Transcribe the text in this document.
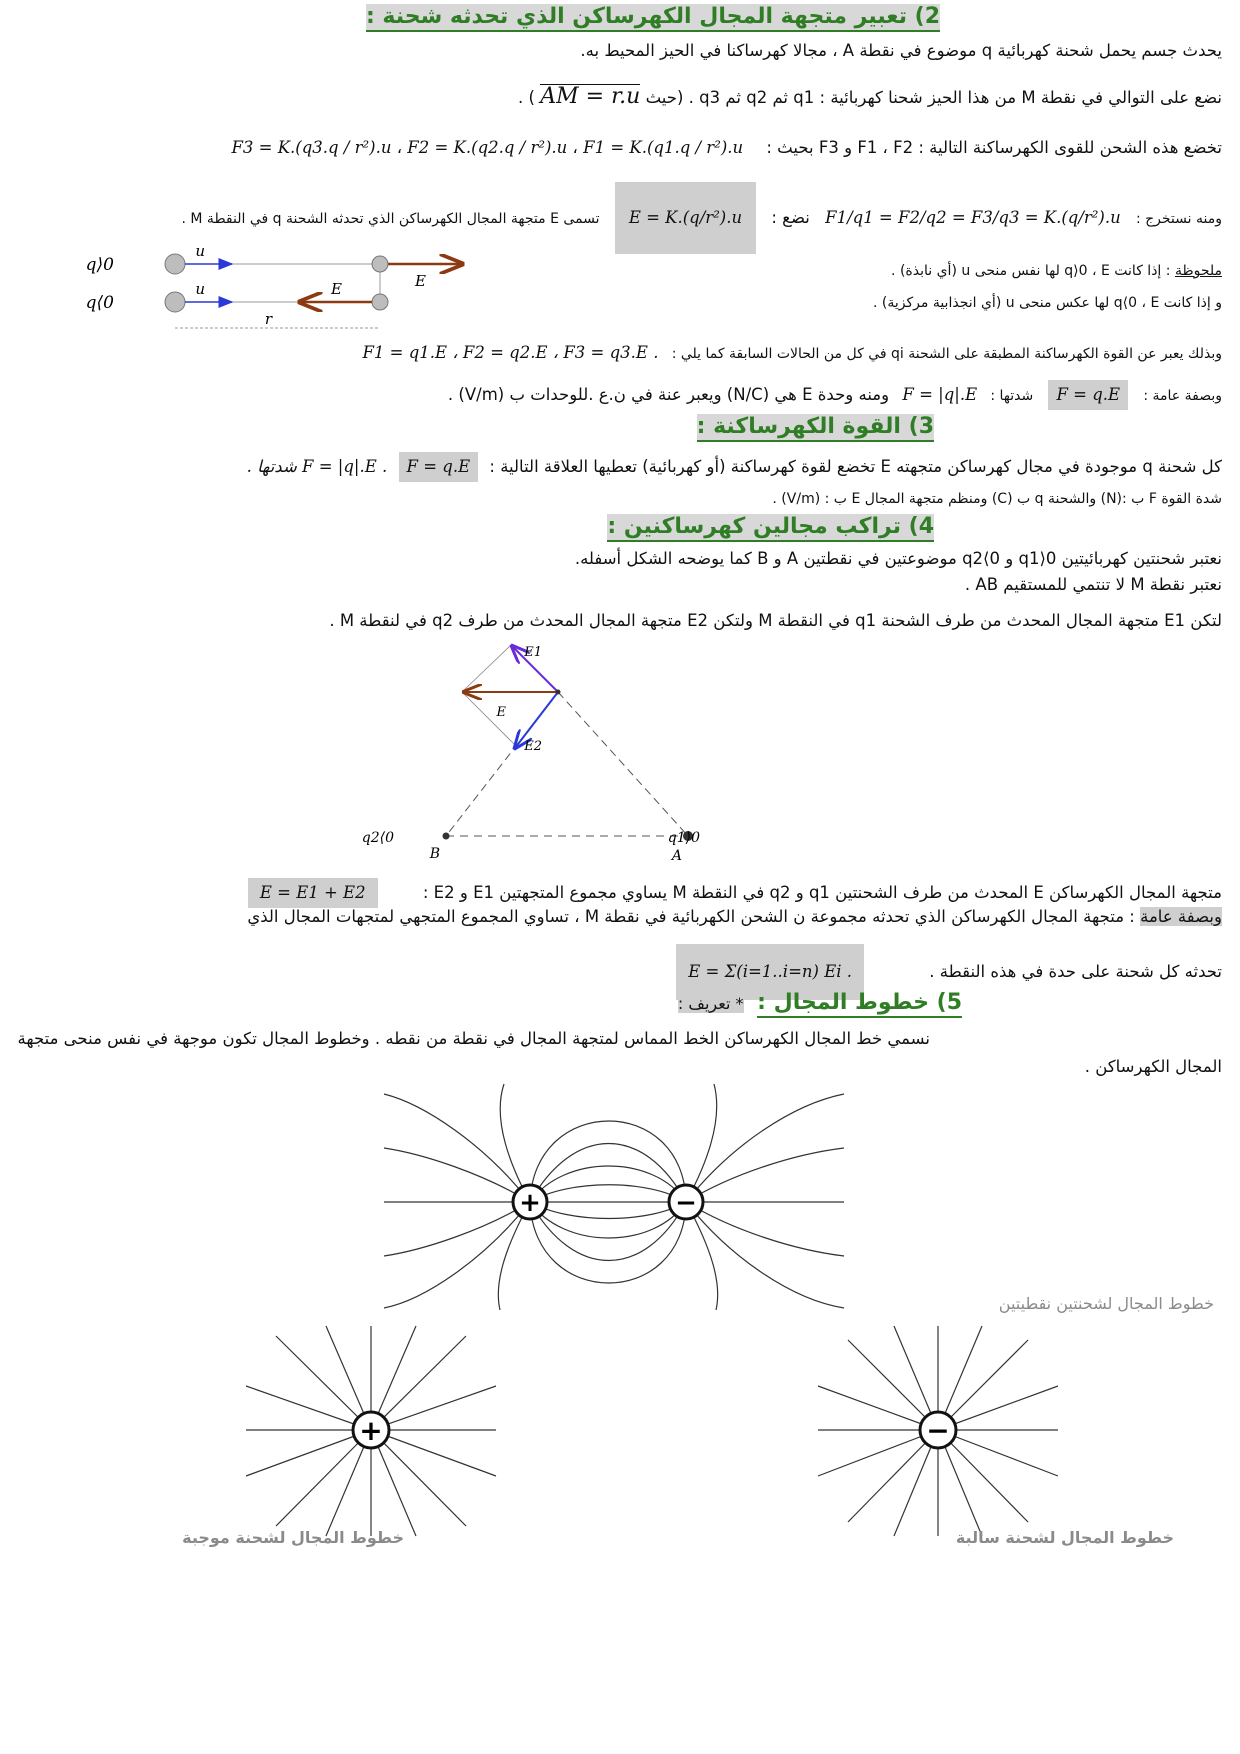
2) تعبير متجهة المجال الكهرساكن الذي تحدثه شحنة :
يحدث جسم يحمل شحنة كهربائية q موضوع في نقطة A ، مجالا كهرساكنا في الحيز المحيط به.
نضع على التوالي في نقطة M من هذا الحيز شحنا كهربائية : q1 ثم q2 ثم q3 . (حيث AM = r.u ) .
تخضع هذه الشحن للقوى الكهرساكنة التالية : F1 ، F2 و F3 بحيث : F1 = K.(q1.q / r²).u ، F2 = K.(q2.q / r²).u ، F3 = K.(q3.q / r²).u
ومنه نستخرج : F1/q1 = F2/q2 = F3/q3 = K.(q/r²).u نضع : E = K.(q/r²).u تسمى E متجهة المجال الكهرساكن الذي تحدثه الشحنة q في النقطة M .
q⟩0
q⟨0
u
u	E
E
r
ملحوظة : إذا كانت q⟩0 ، E لها نفس منحى u (أي نابذة) .
و إذا كانت q⟨0 ، E لها عكس منحى u (أي انجذابية مركزية) .
وبذلك يعبر عن القوة الكهرساكنة المطبقة على الشحنة qi في كل من الحالات السابقة كما يلي : F1 = q1.E ، F2 = q2.E ، F3 = q3.E .
وبصفة عامة : F = q.E شدتها : F = |q|.E ومنه وحدة E هي (N/C) ويعبر عنة في ن.ع .للوحدات ب (V/m) .
3) القوة الكهرساكنة :
كل شحنة q موجودة في مجال كهرساكن متجهته E تخضع لقوة كهرساكنة (أو كهربائية) تعطيها العلاقة التالية : F = q.E . شدتها F = |q|.E .
شدة القوة F ب :(N) والشحنة q ب (C) ومنظم متجهة المجال E ب : (V/m) .
4) تراكب مجالين كهرساكنين :
نعتبر شحنتين كهربائيتين q1⟩0 و q2⟨0 موضوعتين في نقطتين A و B كما يوضحه الشكل أسفله.
نعتبر نقطة M لا تنتمي للمستقيم AB .
لتكن E1 متجهة المجال المحدث من طرف الشحنة q1 في النقطة M ولتكن E2 متجهة المجال المحدث من طرف q2 في لنقطة M .
E1
E2
E
q1⟩0
q2⟨0
A
B
متجهة المجال الكهرساكن E المحدث من طرف الشحنتين q1 و q2 في النقطة M يساوي مجموع المتجهتين E1 و E2 : E = E1 + E2
وبصفة عامة : متجهة المجال الكهرساكن الذي تحدثه مجموعة ن الشحن الكهربائية في نقطة M ، تساوي المجموع المتجهي لمتجهات المجال الذي
تحدثه كل شحنة على حدة في هذه النقطة . E = Σ(i=1..i=n) Ei .
5) خطوط المجال : * تعريف :
نسمي خط المجال الكهرساكن الخط المماس لمتجهة المجال في نقطة من نقطه . وخطوط المجال تكون موجهة في نفس منحى متجهة
المجال الكهرساكن .
+	−
خطوط المجال لشحنتين نقطيتين
+
خطوط المجال لشحنة موجبة
−
خطوط المجال لشحنة سالبة
